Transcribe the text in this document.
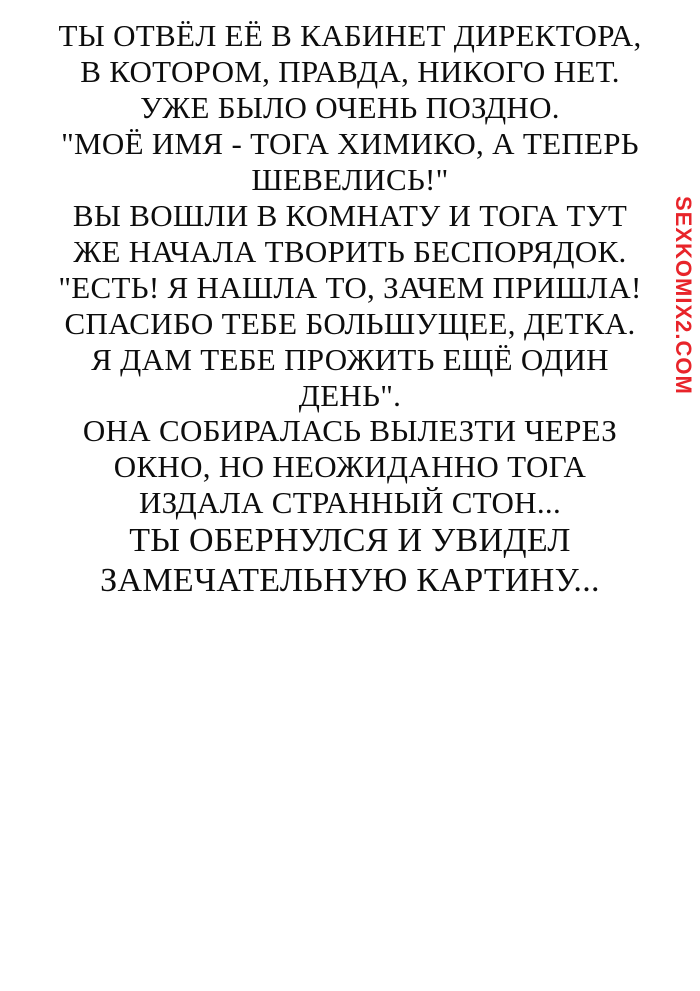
ТЫ ОТВЁЛ ЕЁ В КАБИНЕТ ДИРЕКТОРА, В КОТОРОМ, ПРАВДА, НИКОГО НЕТ. УЖЕ БЫЛО ОЧЕНЬ ПОЗДНО.

"МОЁ ИМЯ - ТОГА ХИМИКО, А ТЕПЕРЬ ШЕВЕЛИСЬ!"

ВЫ ВОШЛИ В КОМНАТУ И ТОГА ТУТ ЖЕ НАЧАЛА ТВОРИТЬ БЕСПОРЯДОК.

"ЕСТЬ! Я НАШЛА ТО, ЗАЧЕМ ПРИШЛА! СПАСИБО ТЕБЕ БОЛЬШУЩЕЕ, ДЕТКА. Я ДАМ ТЕБЕ ПРОЖИТЬ ЕЩЁ ОДИН ДЕНЬ".

ОНА СОБИРАЛАСЬ ВЫЛЕЗТИ ЧЕРЕЗ ОКНО, НО НЕОЖИДАННО ТОГА ИЗДАЛА СТРАННЫЙ СТОН...

ТЫ ОБЕРНУЛСЯ И УВИДЕЛ ЗАМЕЧАТЕЛЬНУЮ КАРТИНУ...

SEXKOMIX2.COM
